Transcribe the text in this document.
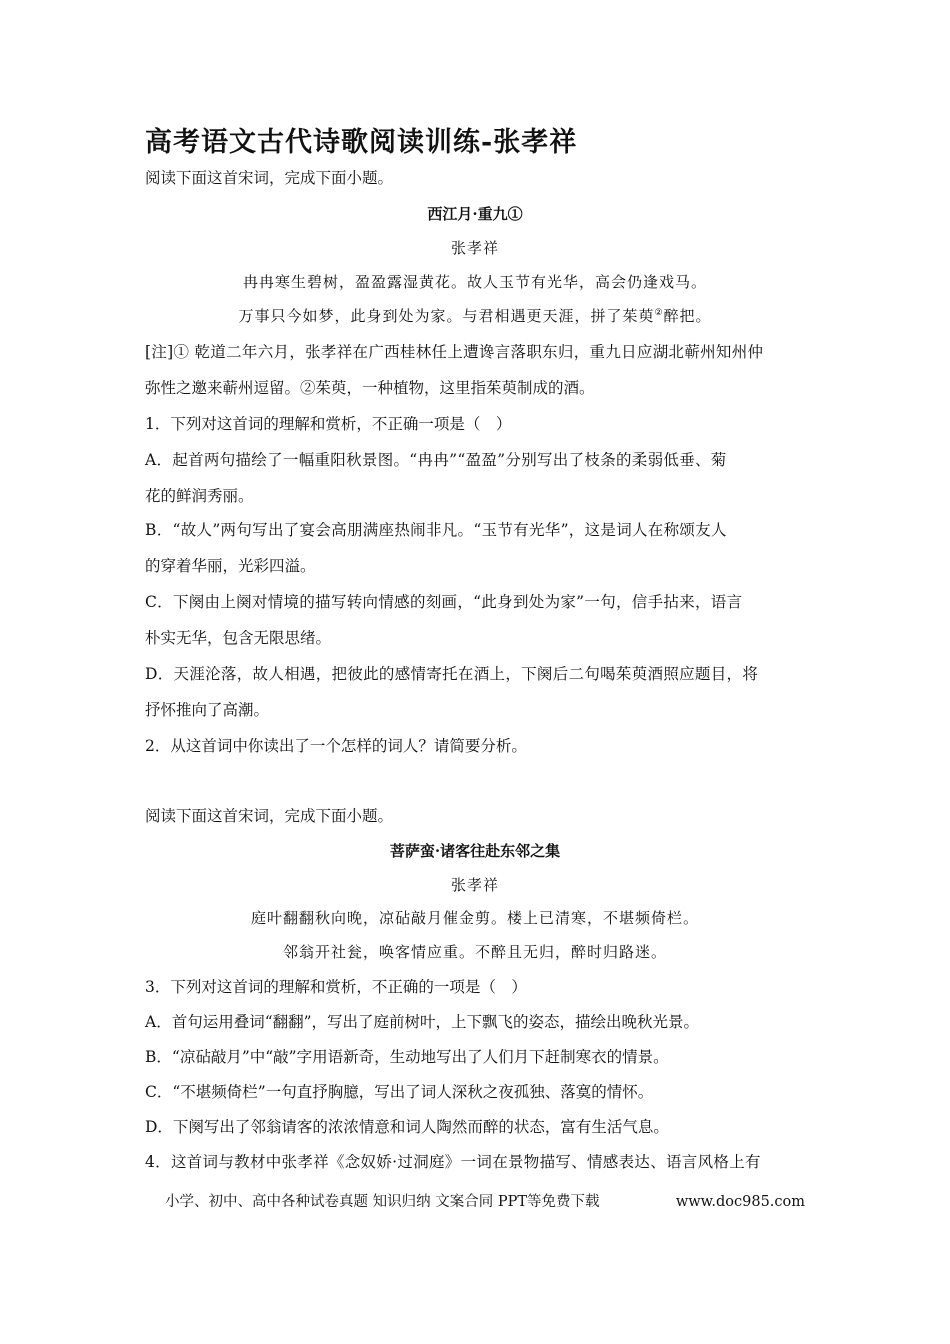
高考语文古代诗歌阅读训练-张孝祥
阅读下面这首宋词，完成下面小题。
西江月·重九①
张孝祥
冉冉寒生碧树，盈盈露湿黄花。故人玉节有光华，高会仍逢戏马。
万事只今如梦，此身到处为家。与君相遇更天涯，拼了茱萸②醉把。
[注]① 乾道二年六月，张孝祥在广西桂林任上遭谗言落职东归，重九日应湖北蕲州知州仲
弥性之邀来蕲州逗留。②茱萸，一种植物，这里指茱萸制成的酒。
1．下列对这首词的理解和赏析，不正确一项是（　）
A．起首两句描绘了一幅重阳秋景图。“冉冉”“盈盈”分别写出了枝条的柔弱低垂、菊
花的鲜润秀丽。
B．“故人”两句写出了宴会高朋满座热闹非凡。“玉节有光华”，这是词人在称颂友人
的穿着华丽，光彩四溢。
C．下阕由上阕对情境的描写转向情感的刻画，“此身到处为家”一句，信手拈来，语言
朴实无华，包含无限思绪。
D．天涯沦落，故人相遇，把彼此的感情寄托在酒上，下阕后二句喝茱萸酒照应题目，将
抒怀推向了高潮。
2．从这首词中你读出了一个怎样的词人？请简要分析。
阅读下面这首宋词，完成下面小题。
菩萨蛮·诸客往赴东邻之集
张孝祥
庭叶翻翻秋向晚，凉砧敲月催金剪。楼上已清寒，不堪频倚栏。
邻翁开社瓮，唤客情应重。不醉且无归，醉时归路迷。
3．下列对这首词的理解和赏析，不正确的一项是（　）
A．首句运用叠词“翻翻”，写出了庭前树叶，上下飘飞的姿态，描绘出晚秋光景。
B．“凉砧敲月”中“敲”字用语新奇，生动地写出了人们月下赶制寒衣的情景。
C．“不堪频倚栏”一句直抒胸臆，写出了词人深秋之夜孤独、落寞的情怀。
D．下阕写出了邻翁请客的浓浓情意和词人陶然而醉的状态，富有生活气息。
4．这首词与教材中张孝祥《念奴娇·过洞庭》一词在景物描写、情感表达、语言风格上有
小学、初中、高中各种试卷真题 知识归纳 文案合同 PPT等免费下载	www.doc985.com
